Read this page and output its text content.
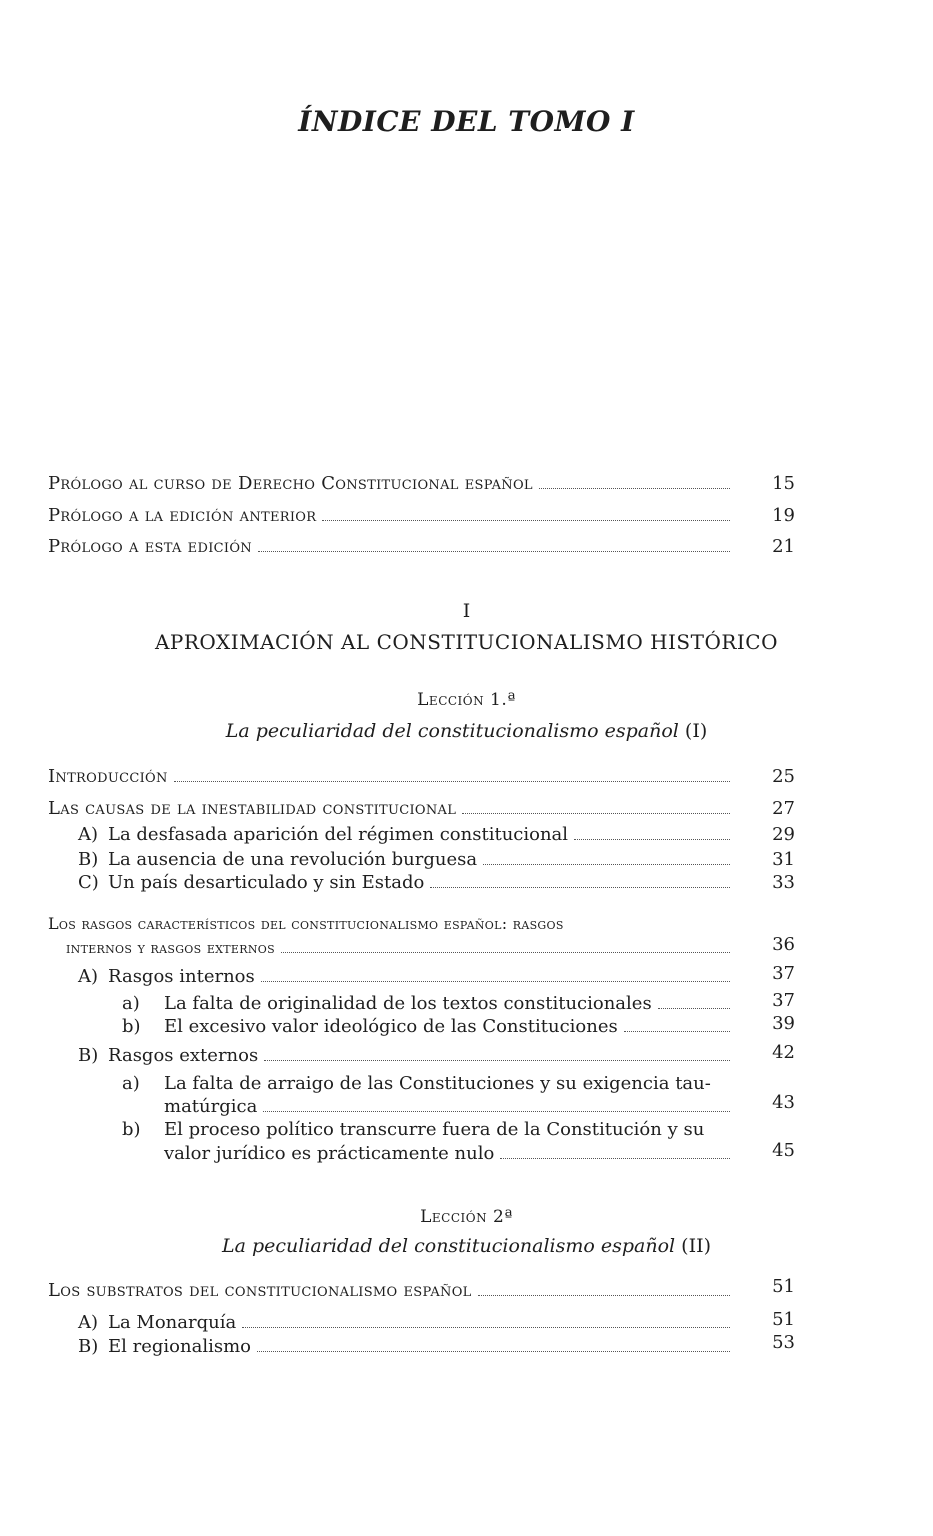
ÍNDICE DEL TOMO I
Prólogo al curso de Derecho Constitucional español	15
Prólogo a la edición anterior	19
Prólogo a esta edición	21
I
APROXIMACIÓN AL CONSTITUCIONALISMO HISTÓRICO
Lección 1.ª
La peculiaridad del constitucionalismo español (I)
Introducción	25
Las causas de la inestabilidad constitucional	27
A) La desfasada aparición del régimen constitucional	29
B) La ausencia de una revolución burguesa	31
C) Un país desarticulado y sin Estado	33
Los rasgos característicos del constitucionalismo español: rasgos
internos y rasgos externos	36
A) Rasgos internos	37
a) La falta de originalidad de los textos constitucionales	37
b) El excesivo valor ideológico de las Constituciones	39
B) Rasgos externos	42
a) La falta de arraigo de las Constituciones y su exigencia tau-
matúrgica	43
b) El proceso político transcurre fuera de la Constitución y su
valor jurídico es prácticamente nulo	45
Lección 2ª
La peculiaridad del constitucionalismo español (II)
Los substratos del constitucionalismo español	51
A) La Monarquía	51
B) El regionalismo	53
